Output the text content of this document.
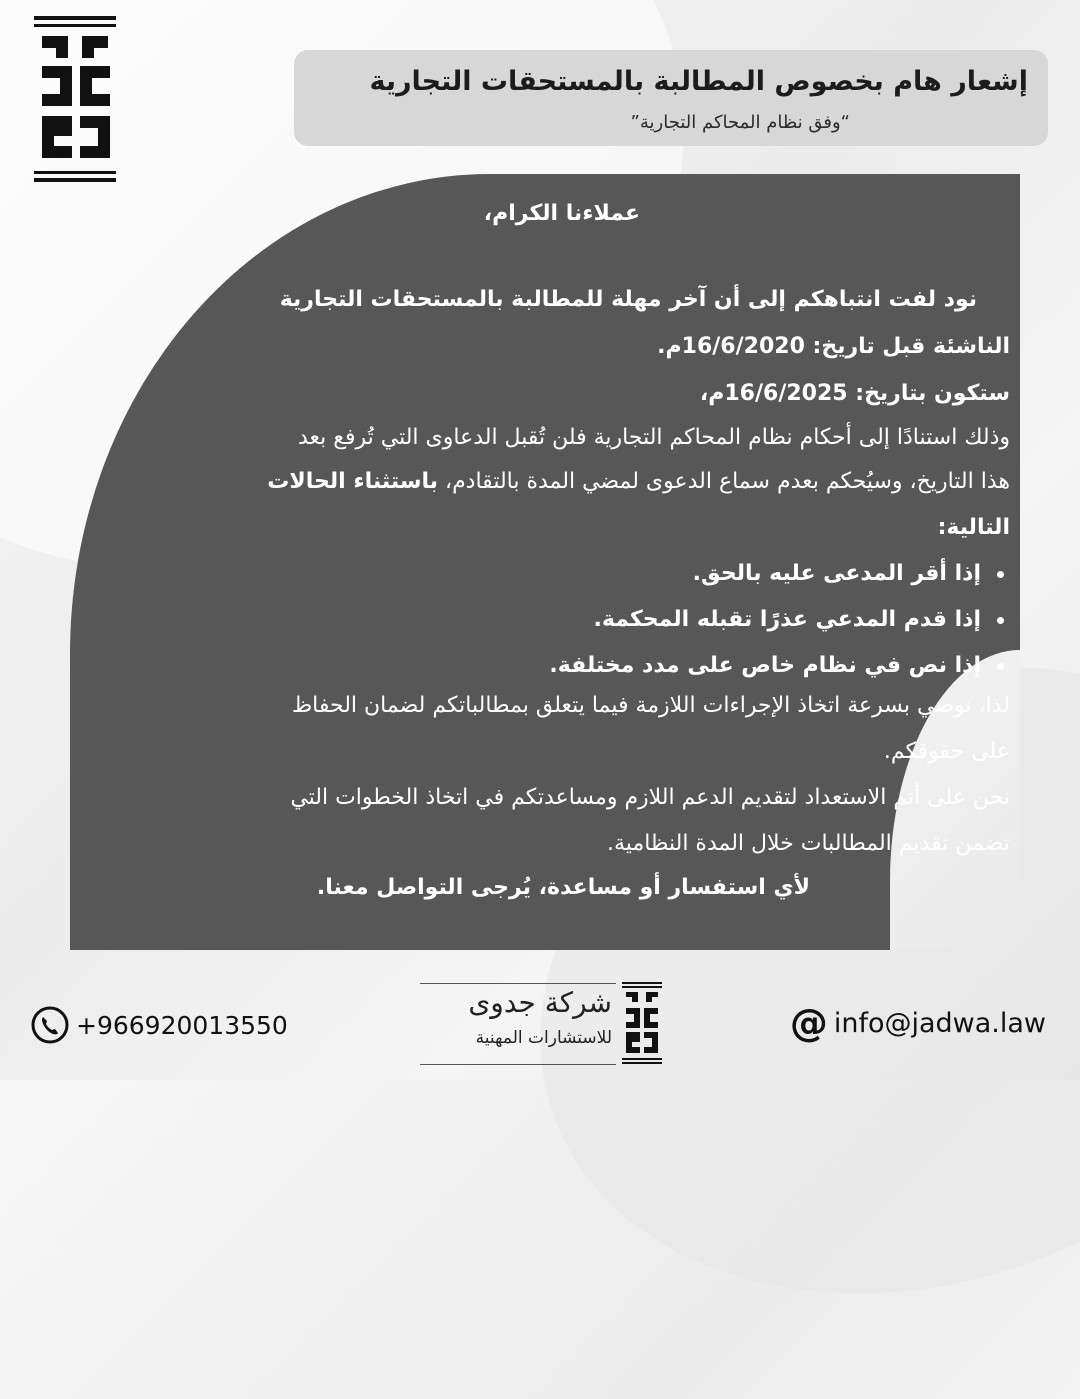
إشعار هام بخصوص المطالبة بالمستحقات التجارية
“وفق نظام المحاكم التجارية”
عملاءنا الكرام،
نود لفت انتباهكم إلى أن آخر مهلة للمطالبة بالمستحقات التجارية
الناشئة قبل تاريخ: 16/6/2020م.
ستكون بتاريخ: 16/6/2025م،
وذلك استنادًا إلى أحكام نظام المحاكم التجارية فلن تُقبل الدعاوى التي تُرفع بعد
هذا التاريخ، وسيُحكم بعدم سماع الدعوى لمضي المدة بالتقادم، باستثناء الحالات
التالية:
إذا أقر المدعى عليه بالحق.
إذا قدم المدعي عذرًا تقبله المحكمة.
إذا نص في نظام خاص على مدد مختلفة.
لذا، نوصي بسرعة اتخاذ الإجراءات اللازمة فيما يتعلق بمطالباتكم لضمان الحفاظ
على حقوقكم.
نحن على أتم الاستعداد لتقديم الدعم اللازم ومساعدتكم في اتخاذ الخطوات التي
تضمن تقديم المطالبات خلال المدة النظامية.
لأي استفسار أو مساعدة، يُرجى التواصل معنا.
+966920013550
شركة جدوى
للاستشارات المهنية	@ info@jadwa.law
